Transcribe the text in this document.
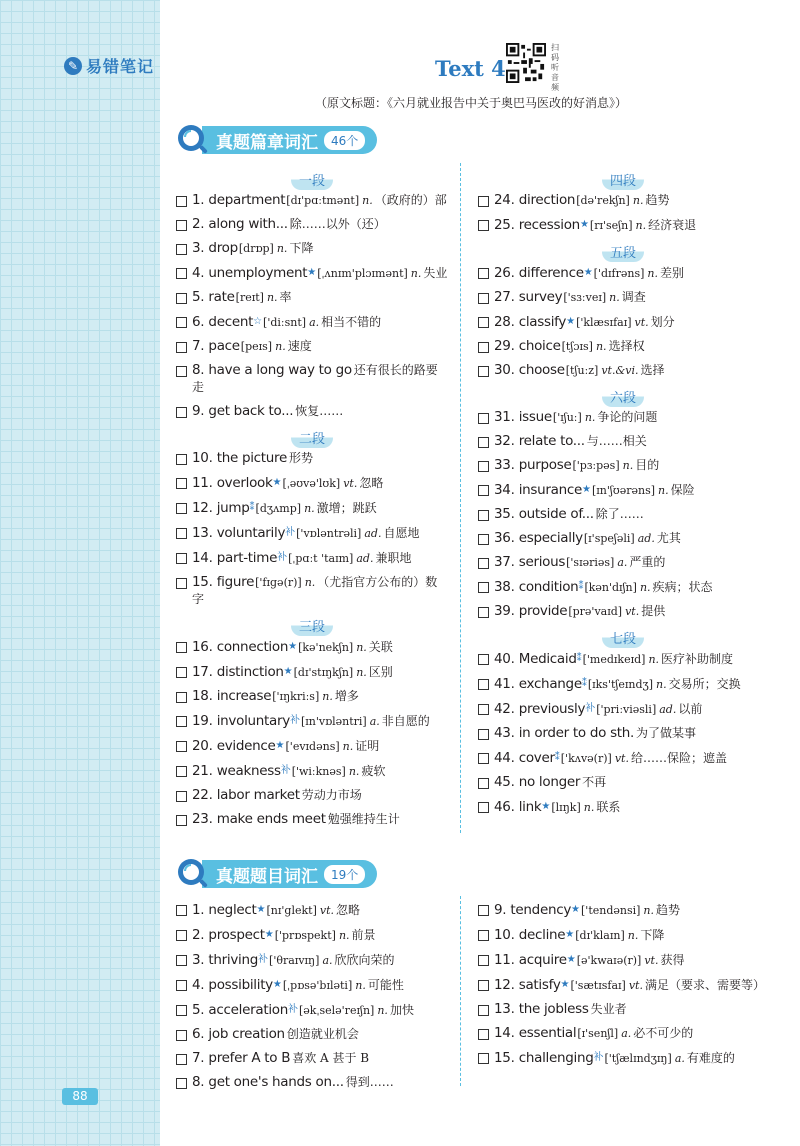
✎ 易错笔记
88
Text 4
扫码听音频
（原文标题：《六月就业报告中关于奥巴马医改的好消息》）
真题篇章词汇	46个
真题题目词汇	19个
一段
1. department[dɪ'pɑːtmənt] n. （政府的）部
2. along with... 除……以外（还）
3. drop[drɒp] n. 下降
4. unemployment★[ˌʌnɪm'plɔɪmənt] n. 失业
5. rate[reɪt] n. 率
6. decent☆['diːsnt] a. 相当不错的
7. pace[peɪs] n. 速度
8. have a long way to go 还有很长的路要走
9. get back to... 恢复……
二段
10. the picture 形势
11. overlook★[ˌəʊvə'lʊk] vt. 忽略
12. jump⁑[dʒʌmp] n. 激增；跳跃
13. voluntarily补['vɒləntrəli] ad. 自愿地
14. part-time补[ˌpɑːt 'taɪm] ad. 兼职地
15. figure['fɪgə(r)] n. （尤指官方公布的）数字
三段
16. connection★[kə'nekʃn] n. 关联
17. distinction★[dɪ'stɪŋkʃn] n. 区别
18. increase['ɪŋkriːs] n. 增多
19. involuntary补[ɪn'vɒləntri] a. 非自愿的
20. evidence★['evɪdəns] n. 证明
21. weakness补['wiːknəs] n. 疲软
22. labor market 劳动力市场
23. make ends meet 勉强维持生计
四段
24. direction[də'rekʃn] n. 趋势
25. recession★[rɪ'seʃn] n. 经济衰退
五段
26. difference★['dɪfrəns] n. 差别
27. survey['sɜːveɪ] n. 调查
28. classify★['klæsɪfaɪ] vt. 划分
29. choice[tʃɔɪs] n. 选择权
30. choose[tʃuːz] vt.&vi. 选择
六段
31. issue['ɪʃuː] n. 争论的问题
32. relate to... 与……相关
33. purpose['pɜːpəs] n. 目的
34. insurance★[ɪn'ʃʊərəns] n. 保险
35. outside of... 除了……
36. especially[ɪ'speʃəli] ad. 尤其
37. serious['sɪəriəs] a. 严重的
38. condition⁑[kən'dɪʃn] n. 疾病；状态
39. provide[prə'vaɪd] vt. 提供
七段
40. Medicaid⁑['medɪkeɪd] n. 医疗补助制度
41. exchange⁑[ɪks'tʃeɪndʒ] n. 交易所；交换
42. previously补['priːviəsli] ad. 以前
43. in order to do sth. 为了做某事
44. cover⁑['kʌvə(r)] vt. 给……保险；遮盖
45. no longer 不再
46. link★[lɪŋk] n. 联系
1. neglect★[nɪ'glekt] vt. 忽略
2. prospect★['prɒspekt] n. 前景
3. thriving补['θraɪvɪŋ] a. 欣欣向荣的
4. possibility★[ˌpɒsə'bɪləti] n. 可能性
5. acceleration补[əkˌselə'reɪʃn] n. 加快
6. job creation 创造就业机会
7. prefer A to B 喜欢 A 甚于 B
8. get one's hands on... 得到……
9. tendency★['tendənsi] n. 趋势
10. decline★[dɪ'klaɪn] n. 下降
11. acquire★[ə'kwaɪə(r)] vt. 获得
12. satisfy★['sætɪsfaɪ] vt. 满足（要求、需要等）
13. the jobless 失业者
14. essential[ɪ'senʃl] a. 必不可少的
15. challenging补['tʃælɪndʒɪŋ] a. 有难度的
